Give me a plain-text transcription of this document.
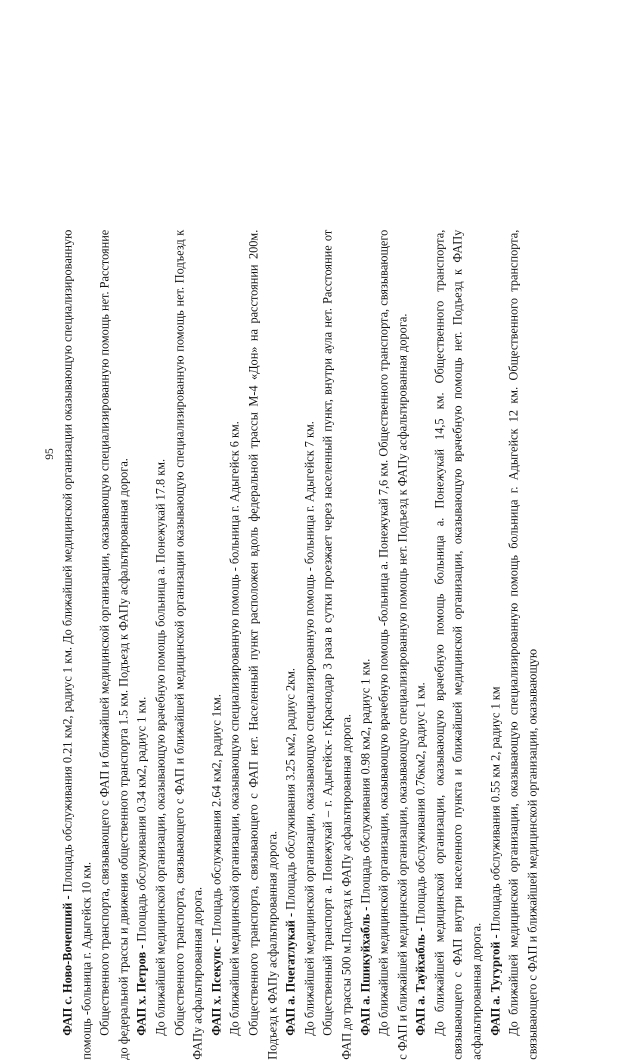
95

ФАП с. Ново-Вочепший - Площадь обслуживания 0.21 км2, радиус 1 км. До ближайшей медицинской организации оказывающую специализированную помощь -больница г. Адыгейск 10 км. Общественного транспорта, связывающего с ФАП и ближайшей медицинской организации, оказывающую специализированную помощь нет. Расстояние до федеральной трассы и движения общественного транспорта 1.5 км. Подъезд к ФАПу асфальтированная дорога. ФАП х. Петров - Площадь обслуживания 0.34 км2, радиус 1 км. До ближайшей медицинской организации, оказывающую врачебную помощь больница а. Понежукай 17.8 км. Общественного транспорта, связывающего с ФАП и ближайшей медицинской организации оказывающую специализированную помощь нет. Подъезд к ФАПу асфальтированная дорога. ФАП х. Псекупс - Площадь обслуживания 2.64 км2, радиус 1км. До ближайшей медицинской организации, оказывающую специализированную помощь - больница г. Адыгейск 6 км. Общественного транспорта, связывающего с ФАП нет. Населенный пункт расположен вдоль федеральной трассы М-4 «Дон» на расстоянии 200м. Подъезд к ФАПу асфальтированная дорога. ФАП а. Пчегатлукай - Площадь обслуживания 3.25 км2, радиус 2км. До ближайшей медицинской организации, оказывающую специализированную помощь - больница г. Адыгейск 7 км. Общественный транспорт а. Понежукай – г. Адыгейск- г.Краснодар 3 раза в сутки проезжает через населенный пункт, внутри аула нет. Расстояние от ФАП до трассы 500 м.Подъезд к ФАПу асфальтированная дорога. ФАП а. Пшикуйхабль - Площадь обслуживания 0.98 км2, радиус 1 км. До ближайшей медицинской организации, оказывающую врачебную помощь -больница а. Понежукай 7,6 км. Общественного транспорта, связывающего с ФАП и ближайшей медицинской организации, оказывающую специализированную помощь нет. Подъезд к ФАПу асфальтированная дорога. ФАП а. Тауйхабль - Площадь обслуживания 0.76км2, радиус 1 км. До ближайшей медицинской организации, оказывающую врачебную помощь больница а. Понежукай 14,5 км. Общественного транспорта, связывающего с ФАП внутри населенного пункта и ближайшей медицинской организации, оказывающую врачебную помощь нет. Подъезд к ФАПу асфальтированная дорога. ФАП а. Тугургой - Площадь обслуживания 0.55 км 2, радиус 1 км До ближайшей медицинской организации, оказывающую специализированную помощь больница г. Адыгейск 12 км. Общественного транспорта, связывающего с ФАП и ближайшей медицинской организации, оказывающую
